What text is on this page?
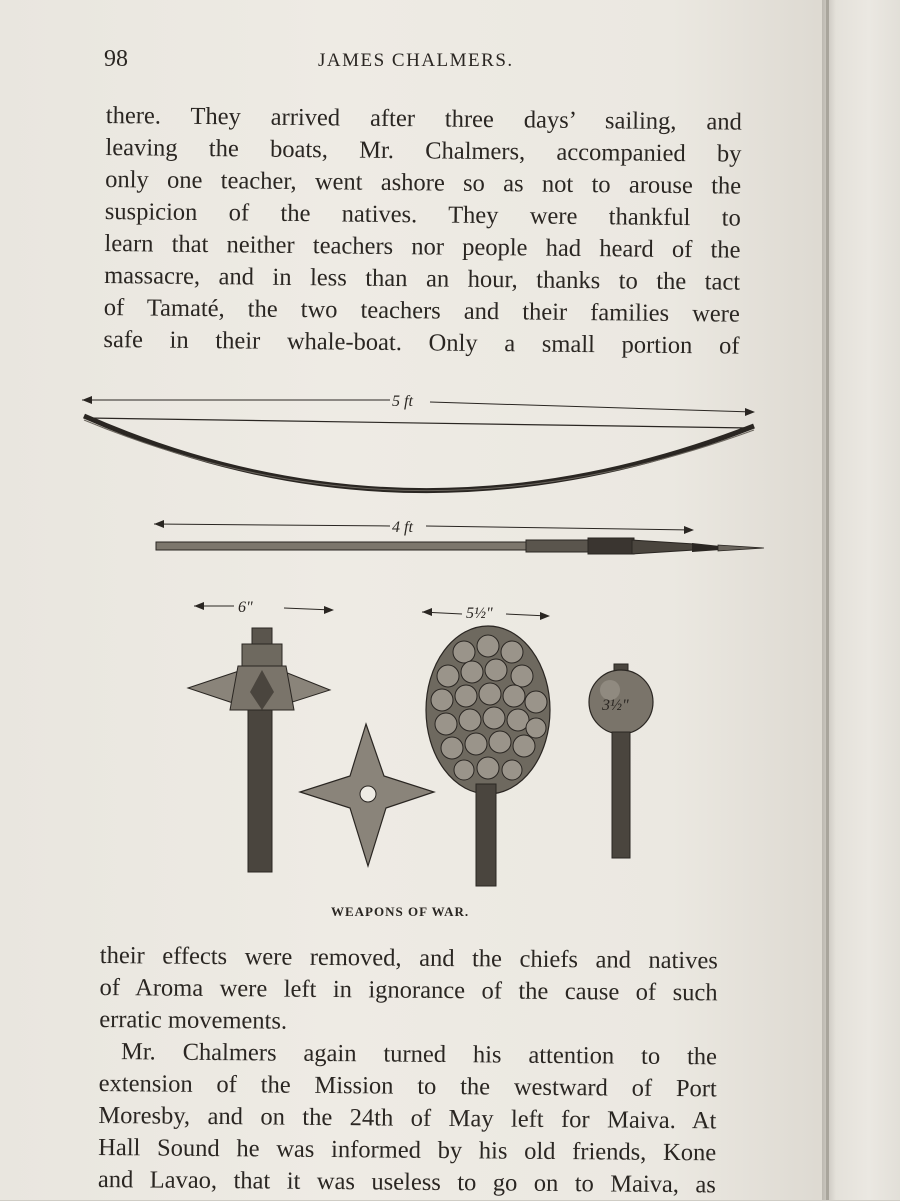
98	JAMES CHALMERS.
there. They arrived after three days’ sailing, and
leaving the boats, Mr. Chalmers, accompanied by
only one teacher, went ashore so as not to arouse the
suspicion of the natives. They were thankful to
learn that neither teachers nor people had heard of the
massacre, and in less than an hour, thanks to the tact
of Tamaté, the two teachers and their families were
safe in their whale-boat. Only a small portion of
5 ft
4 ft
6"	5½"
3½"
WEAPONS OF WAR.
their effects were removed, and the chiefs and natives
of Aroma were left in ignorance of the cause of such
erratic movements.
Mr. Chalmers again turned his attention to the
extension of the Mission to the westward of Port
Moresby, and on the 24th of May left for Maiva. At
Hall Sound he was informed by his old friends, Kone
and Lavao, that it was useless to go on to Maiva, as
